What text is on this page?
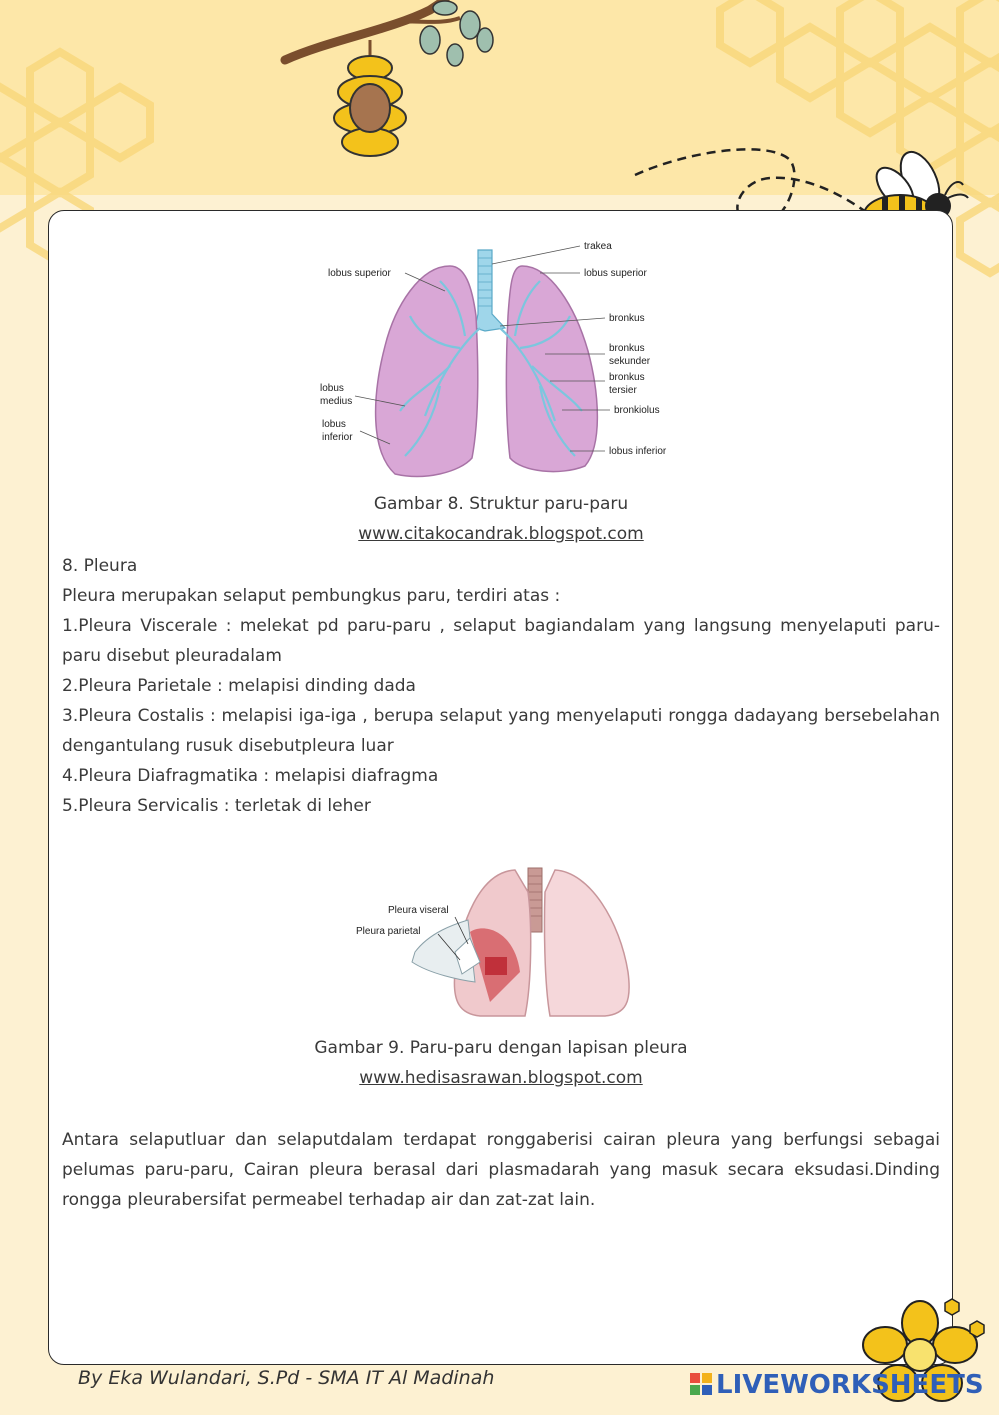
trakea
lobus superior	lobus superior
bronkus
bronkus
sekunder
bronkus
tersier
bronkiolus
lobus
medius
lobus
inferior
lobus inferior
Gambar 8. Struktur paru-paru
www.citakocandrak.blogspot.com
8. Pleura
Pleura merupakan selaput pembungkus paru, terdiri atas :
1.Pleura Viscerale : melekat pd paru-paru , selaput bagiandalam yang langsung menyelaputi paru-paru disebut pleuradalam
2.Pleura Parietale : melapisi dinding dada
3.Pleura Costalis : melapisi iga-iga , berupa selaput yang menyelaputi rongga dadayang bersebelahan dengantulang rusuk disebutpleura luar
4.Pleura Diafragmatika : melapisi diafragma
5.Pleura Servicalis : terletak di leher
Pleura viseral
Pleura parietal
Gambar 9. Paru-paru dengan lapisan pleura
www.hedisasrawan.blogspot.com
Antara selaputluar dan selaputdalam terdapat ronggaberisi cairan pleura yang berfungsi sebagai pelumas paru-paru, Cairan pleura berasal dari plasmadarah yang masuk secara eksudasi.Dinding rongga pleurabersifat permeabel terhadap air dan zat-zat lain.
By Eka Wulandari, S.Pd - SMA IT Al Madinah	LIVEWORKSHEETS
